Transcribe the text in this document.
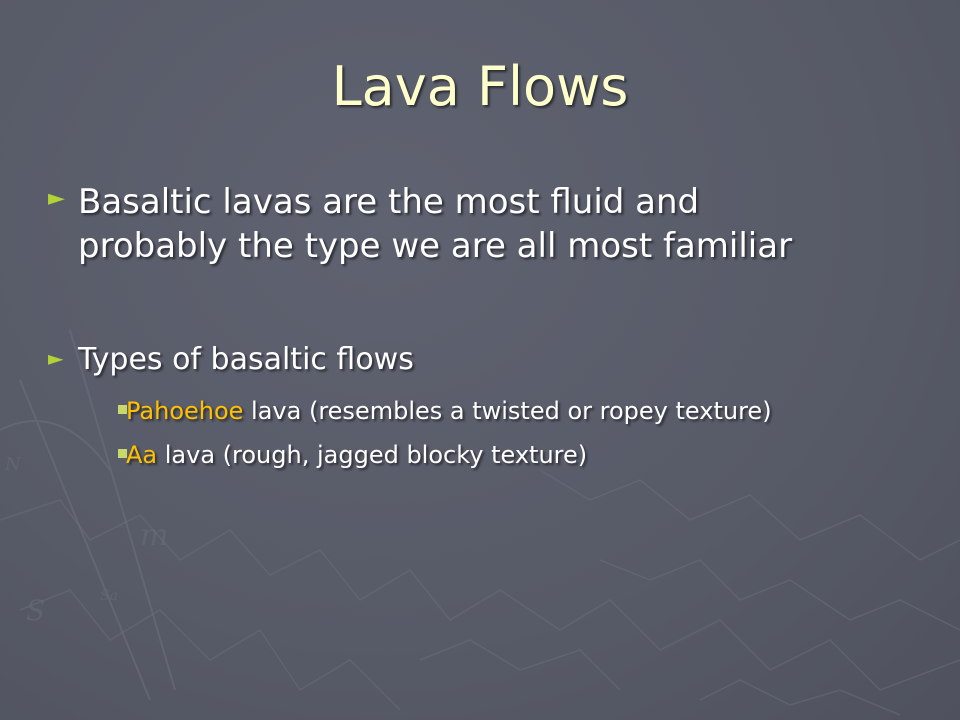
m
S	Sa
N
Lava Flows
► Basaltic lavas are the most fluid and
probably the type we are all most familiar
► Types of basaltic flows
Pahoehoe lava (resembles a twisted or ropey texture)
Aa lava (rough, jagged blocky texture)
